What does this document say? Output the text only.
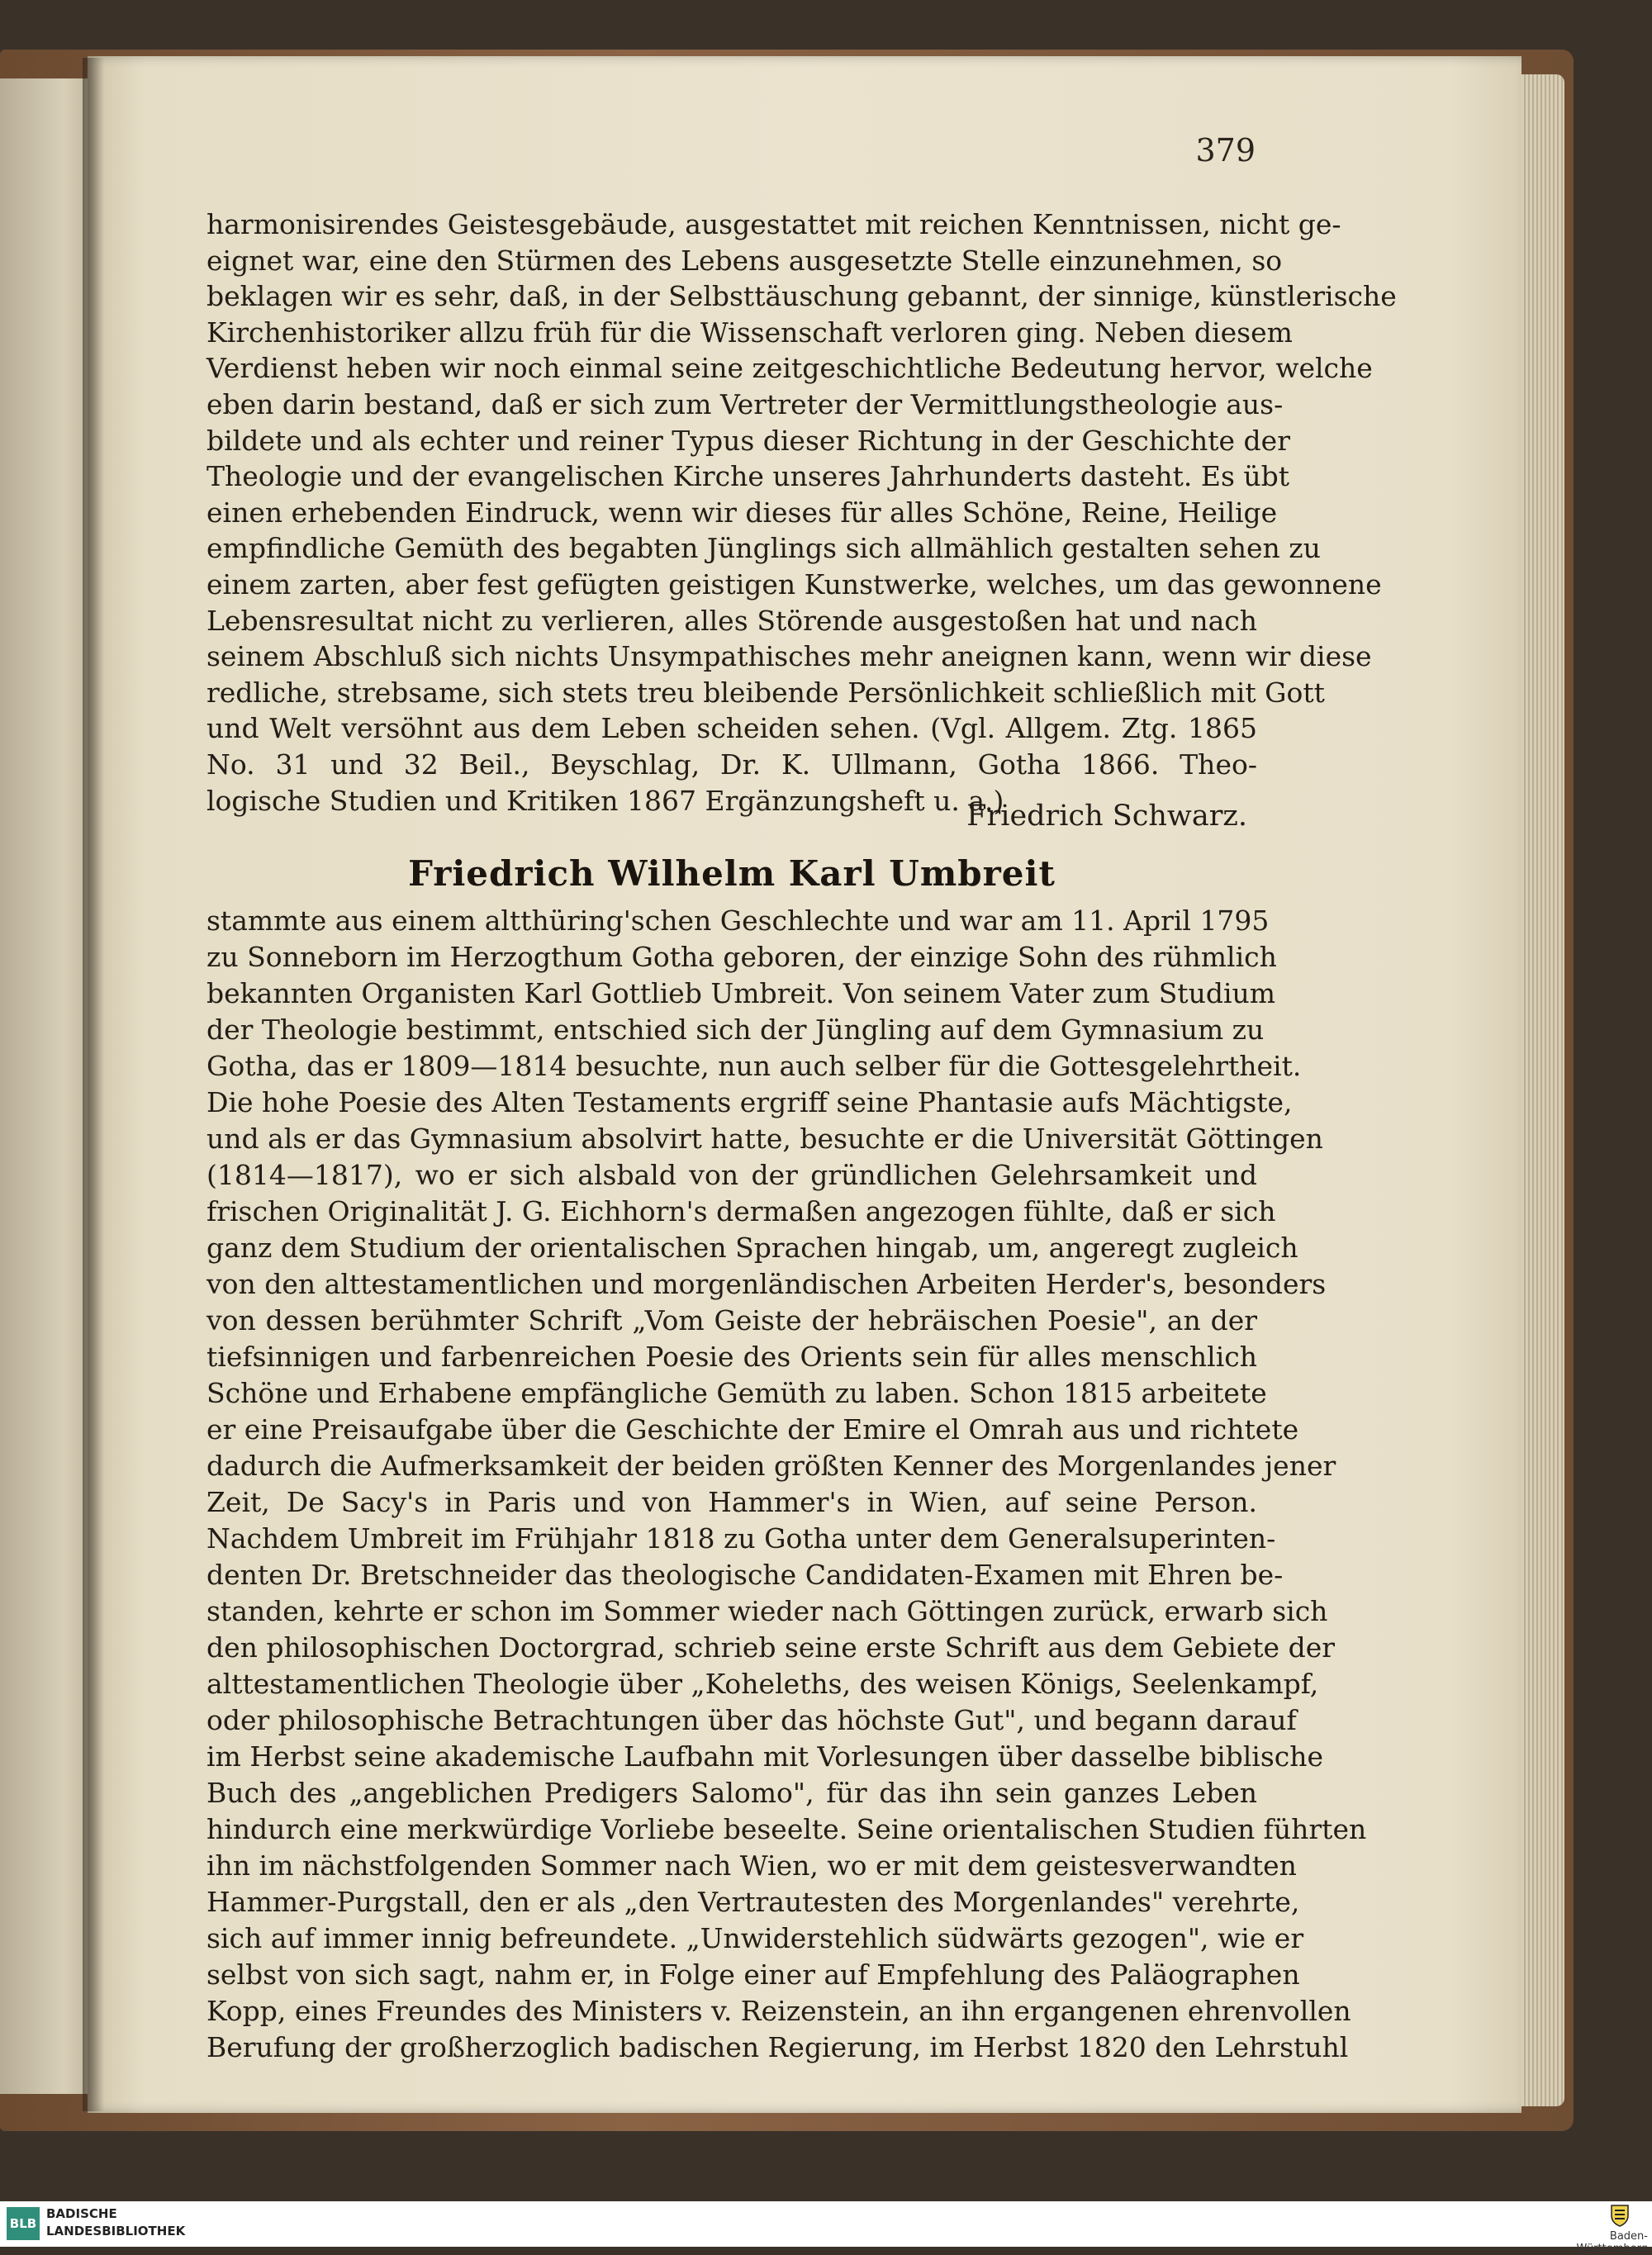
379
harmonisirendes Geistesgebäude, ausgestattet mit reichen Kenntnissen, nicht ge-
eignet war, eine den Stürmen des Lebens ausgesetzte Stelle einzunehmen, so
beklagen wir es sehr, daß, in der Selbsttäuschung gebannt, der sinnige, künstlerische
Kirchenhistoriker allzu früh für die Wissenschaft verloren ging. Neben diesem
Verdienst heben wir noch einmal seine zeitgeschichtliche Bedeutung hervor, welche
eben darin bestand, daß er sich zum Vertreter der Vermittlungstheologie aus-
bildete und als echter und reiner Typus dieser Richtung in der Geschichte der
Theologie und der evangelischen Kirche unseres Jahrhunderts dasteht. Es übt
einen erhebenden Eindruck, wenn wir dieses für alles Schöne, Reine, Heilige
empfindliche Gemüth des begabten Jünglings sich allmählich gestalten sehen zu
einem zarten, aber fest gefügten geistigen Kunstwerke, welches, um das gewonnene
Lebensresultat nicht zu verlieren, alles Störende ausgestoßen hat und nach
seinem Abschluß sich nichts Unsympathisches mehr aneignen kann, wenn wir diese
redliche, strebsame, sich stets treu bleibende Persönlichkeit schließlich mit Gott
und Welt versöhnt aus dem Leben scheiden sehen. (Vgl. Allgem. Ztg. 1865
No. 31 und 32 Beil., Beyschlag, Dr. K. Ullmann, Gotha 1866. Theo-
logische Studien und Kritiken 1867 Ergänzungsheft u. a.)
Friedrich Schwarz.
Friedrich Wilhelm Karl Umbreit
stammte aus einem altthüring'schen Geschlechte und war am 11. April 1795
zu Sonneborn im Herzogthum Gotha geboren, der einzige Sohn des rühmlich
bekannten Organisten Karl Gottlieb Umbreit. Von seinem Vater zum Studium
der Theologie bestimmt, entschied sich der Jüngling auf dem Gymnasium zu
Gotha, das er 1809—1814 besuchte, nun auch selber für die Gottesgelehrtheit.
Die hohe Poesie des Alten Testaments ergriff seine Phantasie aufs Mächtigste,
und als er das Gymnasium absolvirt hatte, besuchte er die Universität Göttingen
(1814—1817), wo er sich alsbald von der gründlichen Gelehrsamkeit und
frischen Originalität J. G. Eichhorn's dermaßen angezogen fühlte, daß er sich
ganz dem Studium der orientalischen Sprachen hingab, um, angeregt zugleich
von den alttestamentlichen und morgenländischen Arbeiten Herder's, besonders
von dessen berühmter Schrift „Vom Geiste der hebräischen Poesie", an der
tiefsinnigen und farbenreichen Poesie des Orients sein für alles menschlich
Schöne und Erhabene empfängliche Gemüth zu laben. Schon 1815 arbeitete
er eine Preisaufgabe über die Geschichte der Emire el Omrah aus und richtete
dadurch die Aufmerksamkeit der beiden größten Kenner des Morgenlandes jener
Zeit, De Sacy's in Paris und von Hammer's in Wien, auf seine Person.
Nachdem Umbreit im Frühjahr 1818 zu Gotha unter dem Generalsuperinten-
denten Dr. Bretschneider das theologische Candidaten-Examen mit Ehren be-
standen, kehrte er schon im Sommer wieder nach Göttingen zurück, erwarb sich
den philosophischen Doctorgrad, schrieb seine erste Schrift aus dem Gebiete der
alttestamentlichen Theologie über „Koheleths, des weisen Königs, Seelenkampf,
oder philosophische Betrachtungen über das höchste Gut", und begann darauf
im Herbst seine akademische Laufbahn mit Vorlesungen über dasselbe biblische
Buch des „angeblichen Predigers Salomo", für das ihn sein ganzes Leben
hindurch eine merkwürdige Vorliebe beseelte. Seine orientalischen Studien führten
ihn im nächstfolgenden Sommer nach Wien, wo er mit dem geistesverwandten
Hammer-Purgstall, den er als „den Vertrautesten des Morgenlandes" verehrte,
sich auf immer innig befreundete. „Unwiderstehlich südwärts gezogen", wie er
selbst von sich sagt, nahm er, in Folge einer auf Empfehlung des Paläographen
Kopp, eines Freundes des Ministers v. Reizenstein, an ihn ergangenen ehrenvollen
Berufung der großherzoglich badischen Regierung, im Herbst 1820 den Lehrstuhl
BLB
BADISCHE
LANDESBIBLIOTHEK	Baden-Württemberg
